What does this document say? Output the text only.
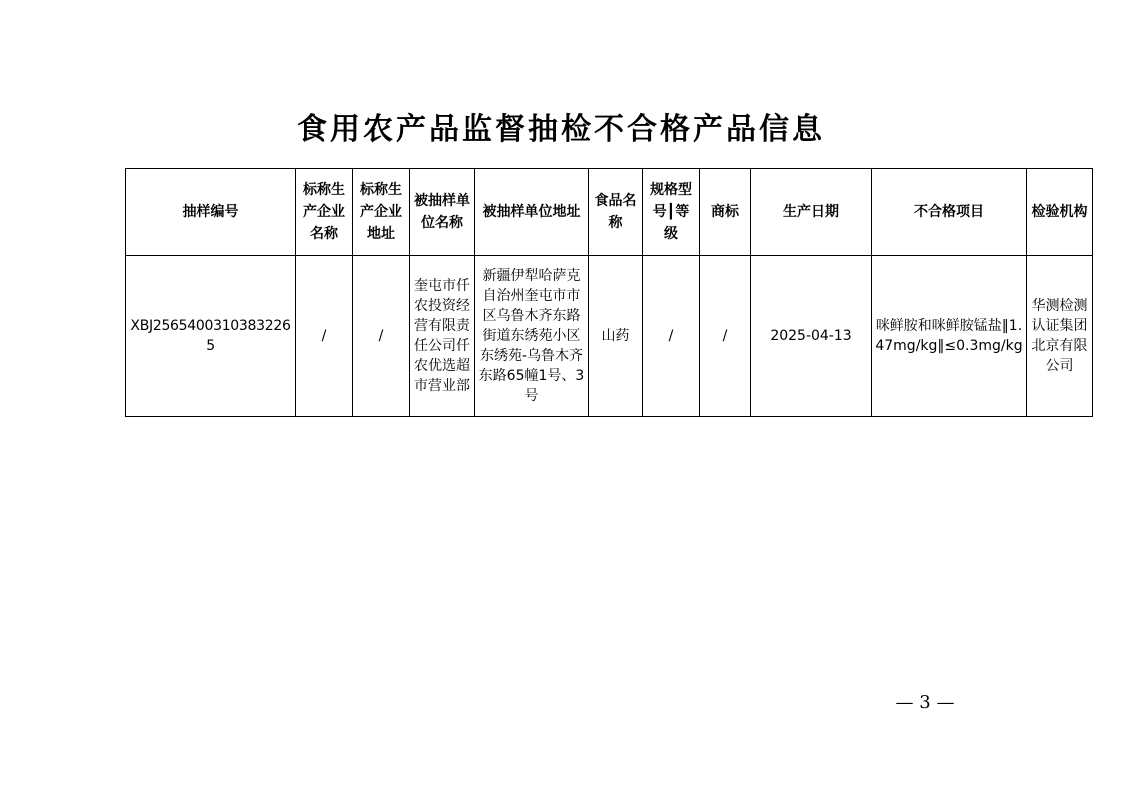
食用农产品监督抽检不合格产品信息
抽样编号	标称生产企业名称	标称生产企业地址	被抽样单位名称	被抽样单位地址	食品名称	规格型号┃等级	商标	生产日期	不合格项目	检验机构
XBJ25654003103832265	/	/	奎屯市仟农投资经营有限责任公司仟农优选超市营业部	新疆伊犁哈萨克自治州奎屯市市区乌鲁木齐东路街道东绣苑小区东绣苑-乌鲁木齐东路65幢1号、3号	山药	/	/	2025-04-13	咪鲜胺和咪鲜胺锰盐‖1.47mg/kg‖≤0.3mg/kg	华测检测认证集团北京有限公司
— 3 —
